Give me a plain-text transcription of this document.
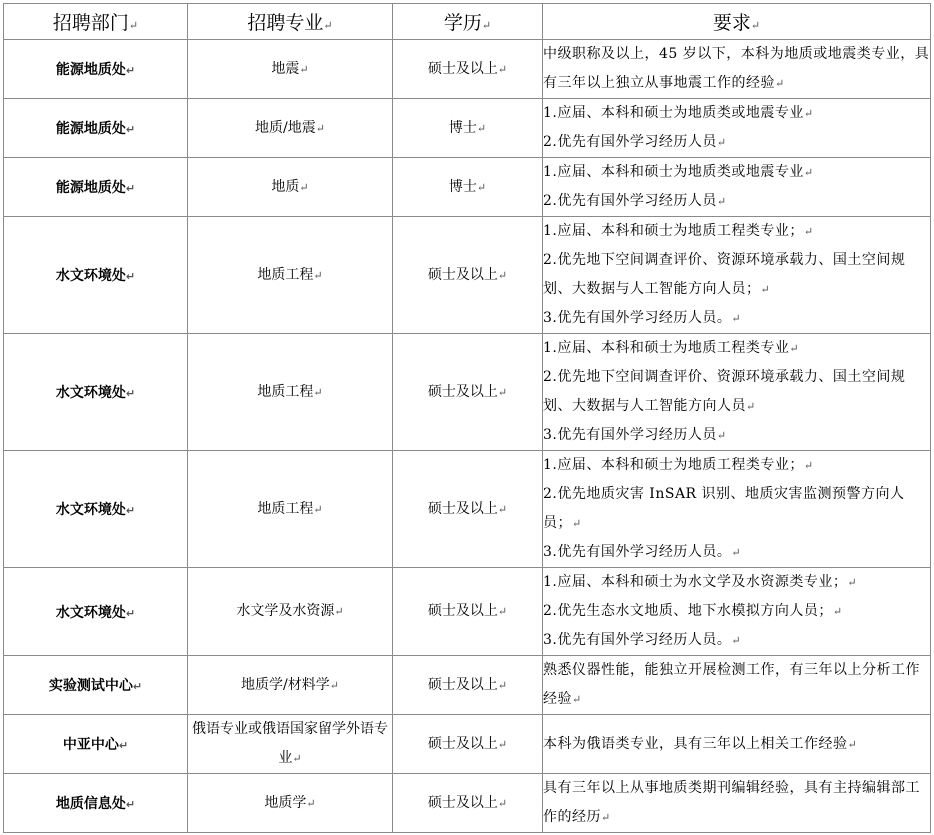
招聘部门↵	招聘专业↵	学历↵	要求↵
能源地质处↵	地震↵	硕士及以上↵	中级职称及以上，45 岁以下，本科为地质或地震类专业，具有三年以上独立从事地震工作的经验↵

能源地质处↵	地质/地震↵	博士↵	1.应届、本科和硕士为地质类或地震专业↵
2.优先有国外学习经历人员↵

能源地质处↵	地质↵	博士↵	1.应届、本科和硕士为地质类或地震专业↵
2.优先有国外学习经历人员↵

水文环境处↵	地质工程↵	硕士及以上↵	1.应届、本科和硕士为地质工程类专业；↵
2.优先地下空间调查评价、资源环境承载力、国土空间规划、大数据与人工智能方向人员；↵
3.优先有国外学习经历人员。↵

水文环境处↵	地质工程↵	硕士及以上↵	1.应届、本科和硕士为地质工程类专业↵
2.优先地下空间调查评价、资源环境承载力、国土空间规划、大数据与人工智能方向人员↵
3.优先有国外学习经历人员↵

水文环境处↵	地质工程↵	硕士及以上↵	1.应届、本科和硕士为地质工程类专业；↵
2.优先地质灾害 InSAR 识别、地质灾害监测预警方向人员；↵
3.优先有国外学习经历人员。↵

水文环境处↵	水文学及水资源↵	硕士及以上↵	1.应届、本科和硕士为水文学及水资源类专业；↵
2.优先生态水文地质、地下水模拟方向人员；↵
3.优先有国外学习经历人员。↵

实验测试中心↵	地质学/材料学↵	硕士及以上↵	熟悉仪器性能，能独立开展检测工作，有三年以上分析工作经验↵

中亚中心↵	俄语专业或俄语国家留学外语专业↵	硕士及以上↵	本科为俄语类专业，具有三年以上相关工作经验↵

地质信息处↵	地质学↵	硕士及以上↵	具有三年以上从事地质类期刊编辑经验，具有主持编辑部工作的经历↵
